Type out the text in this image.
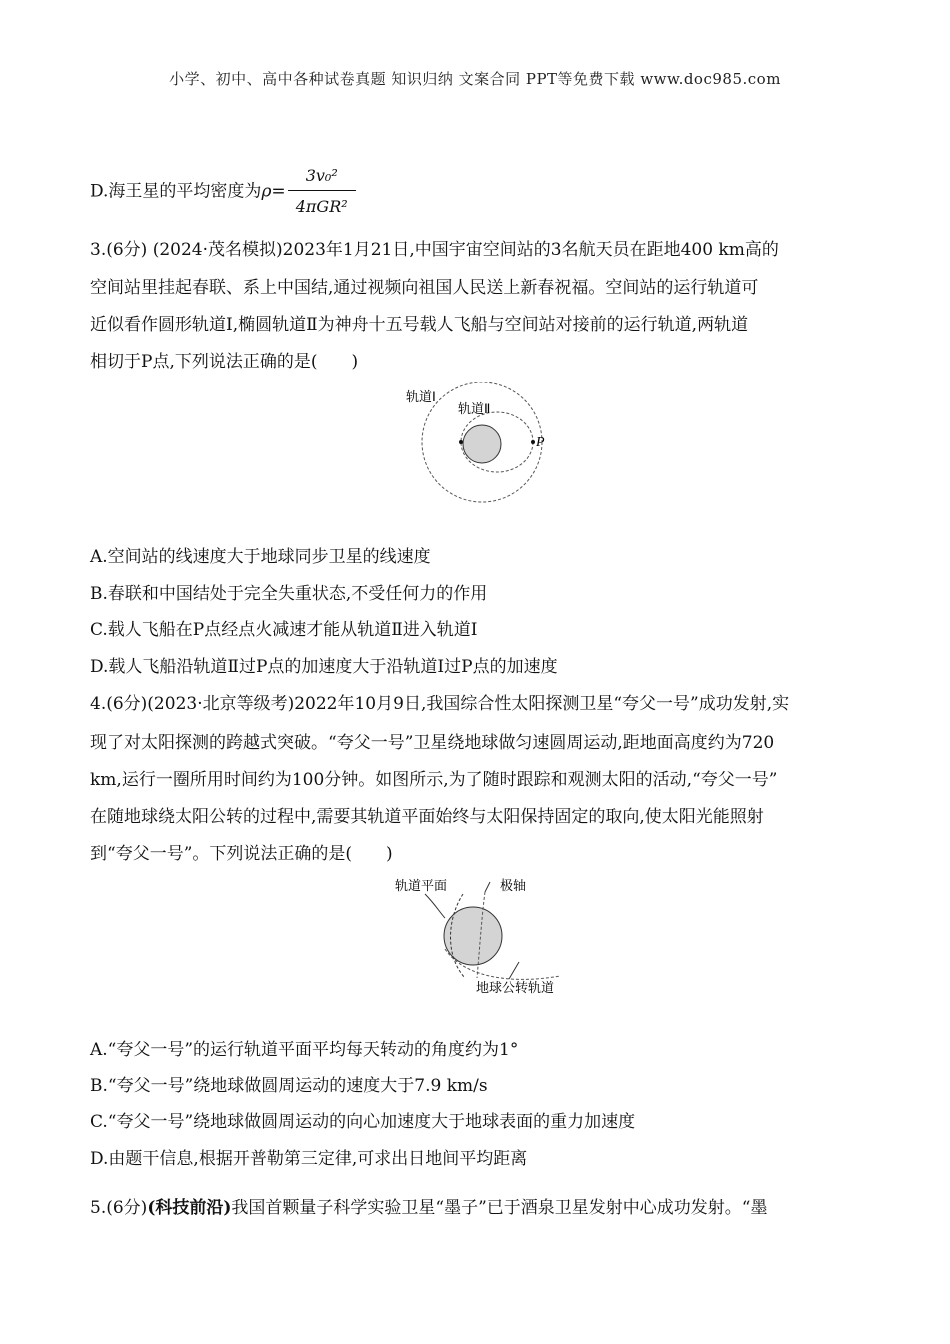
小学、初中、高中各种试卷真题 知识归纳 文案合同 PPT等免费下载 www.doc985.com
D.海王星的平均密度为$\rho= \frac{\text{3v₀²}}{\text{4πGR²}}$
3.(6分) (2024·茂名模拟)2023年1月21日,中国宇宙空间站的3名航天员在距地400 km高的
空间站里挂起春联、系上中国结,通过视频向祖国人民送上新春祝福。空间站的运行轨道可
近似看作圆形轨道Ⅰ,椭圆轨道Ⅱ为神舟十五号载人飞船与空间站对接前的运行轨道,两轨道
相切于P点,下列说法正确的是(　　)
轨道Ⅰ
轨道Ⅱ
P
A.空间站的线速度大于地球同步卫星的线速度
B.春联和中国结处于完全失重状态,不受任何力的作用
C.载人飞船在P点经点火减速才能从轨道Ⅱ进入轨道Ⅰ
D.载人飞船沿轨道Ⅱ过P点的加速度大于沿轨道Ⅰ过P点的加速度
4.(6分)(2023·北京等级考)2022年10月9日,我国综合性太阳探测卫星“夸父一号”成功发射,实
现了对太阳探测的跨越式突破。“夸父一号”卫星绕地球做匀速圆周运动,距地面高度约为720
km,运行一圈所用时间约为100分钟。如图所示,为了随时跟踪和观测太阳的活动,“夸父一号”
在随地球绕太阳公转的过程中,需要其轨道平面始终与太阳保持固定的取向,使太阳光能照射
到“夸父一号”。下列说法正确的是(　　)
轨道平面	极轴
地球公转轨道
A.“夸父一号”的运行轨道平面平均每天转动的角度约为1°
B.“夸父一号”绕地球做圆周运动的速度大于7.9 km/s
C.“夸父一号”绕地球做圆周运动的向心加速度大于地球表面的重力加速度
D.由题干信息,根据开普勒第三定律,可求出日地间平均距离
5.(6分)(科技前沿)我国首颗量子科学实验卫星“墨子”已于酒泉卫星发射中心成功发射。“墨
